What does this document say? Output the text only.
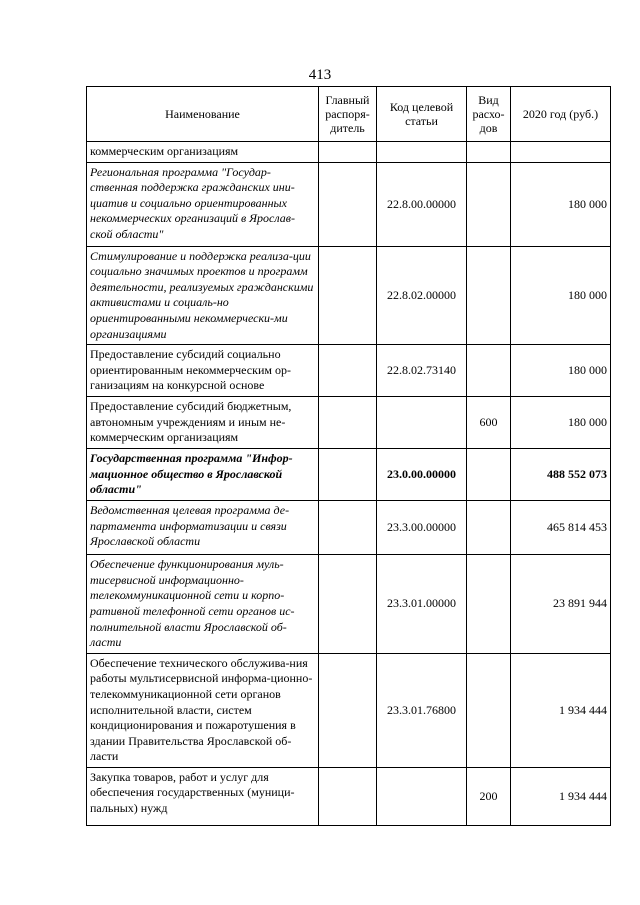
413
Наименование	Главный распоря-дитель	Код целевой статьи	Вид расхо-дов	2020 год (руб.)
коммерческим организациям				
Региональная программа "Государ-ственная поддержка гражданских ини-циатив и социально ориентированных некоммерческих организаций в Ярослав-ской области"		22.8.00.00000		180 000
Стимулирование и поддержка реализа-ции социально значимых проектов и программ деятельности, реализуемых гражданскими активистами и социаль-но ориентированными некоммерчески-ми организациями		22.8.02.00000		180 000
Предоставление субсидий социально ориентированным некоммерческим ор-ганизациям на конкурсной основе		22.8.02.73140		180 000
Предоставление субсидий бюджетным, автономным учреждениям и иным не-коммерческим организациям			600	180 000
Государственная программа "Инфор-мационное общество в Ярославской области"		23.0.00.00000		488 552 073
Ведомственная целевая программа де-партамента информатизации и связи Ярославской области		23.3.00.00000		465 814 453
Обеспечение функционирования муль-тисервисной информационно-телекоммуникационной сети и корпо-ративной телефонной сети органов ис-полнительной власти Ярославской об-ласти		23.3.01.00000		23 891 944
Обеспечение технического обслужива-ния работы мультисервисной информа-ционно-телекоммуникационной сети органов исполнительной власти, систем кондиционирования и пожаротушения в здании Правительства Ярославской об-ласти		23.3.01.76800		1 934 444
Закупка товаров, работ и услуг для обеспечения государственных (муници-пальных) нужд			200	1 934 444
